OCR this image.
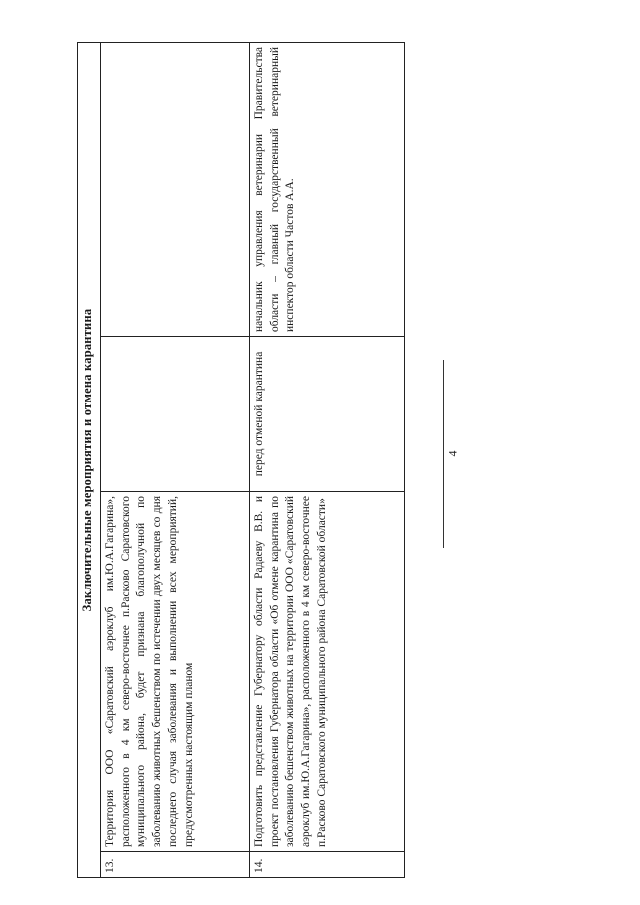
4
Заключительные мероприятия и отмена карантина			
13.	Территория ООО «Саратовский аэроклуб им.Ю.А.Гагарина», расположенного в 4 км северо-восточнее п.Расково Саратовского муниципального района, будет признана благополучной по заболеванию животных бешенством по истечении двух месяцев со дня последнего случая заболевания и выполнении всех мероприятий, предусмотренных настоящим планом		
14.	Подготовить представление Губернатору области Радаеву В.В. и проект постановления Губернатора области «Об отмене карантина по заболеванию бешенством животных на территории ООО «Саратовский аэроклуб им.Ю.А.Гагарина», расположенного в 4 км северо-восточнее п.Расково Саратовского муниципального района Саратовской области»	перед отменой карантина	начальник управления ветеринарии Правительства области – главный государственный ветеринарный инспектор области Частов А.А.
